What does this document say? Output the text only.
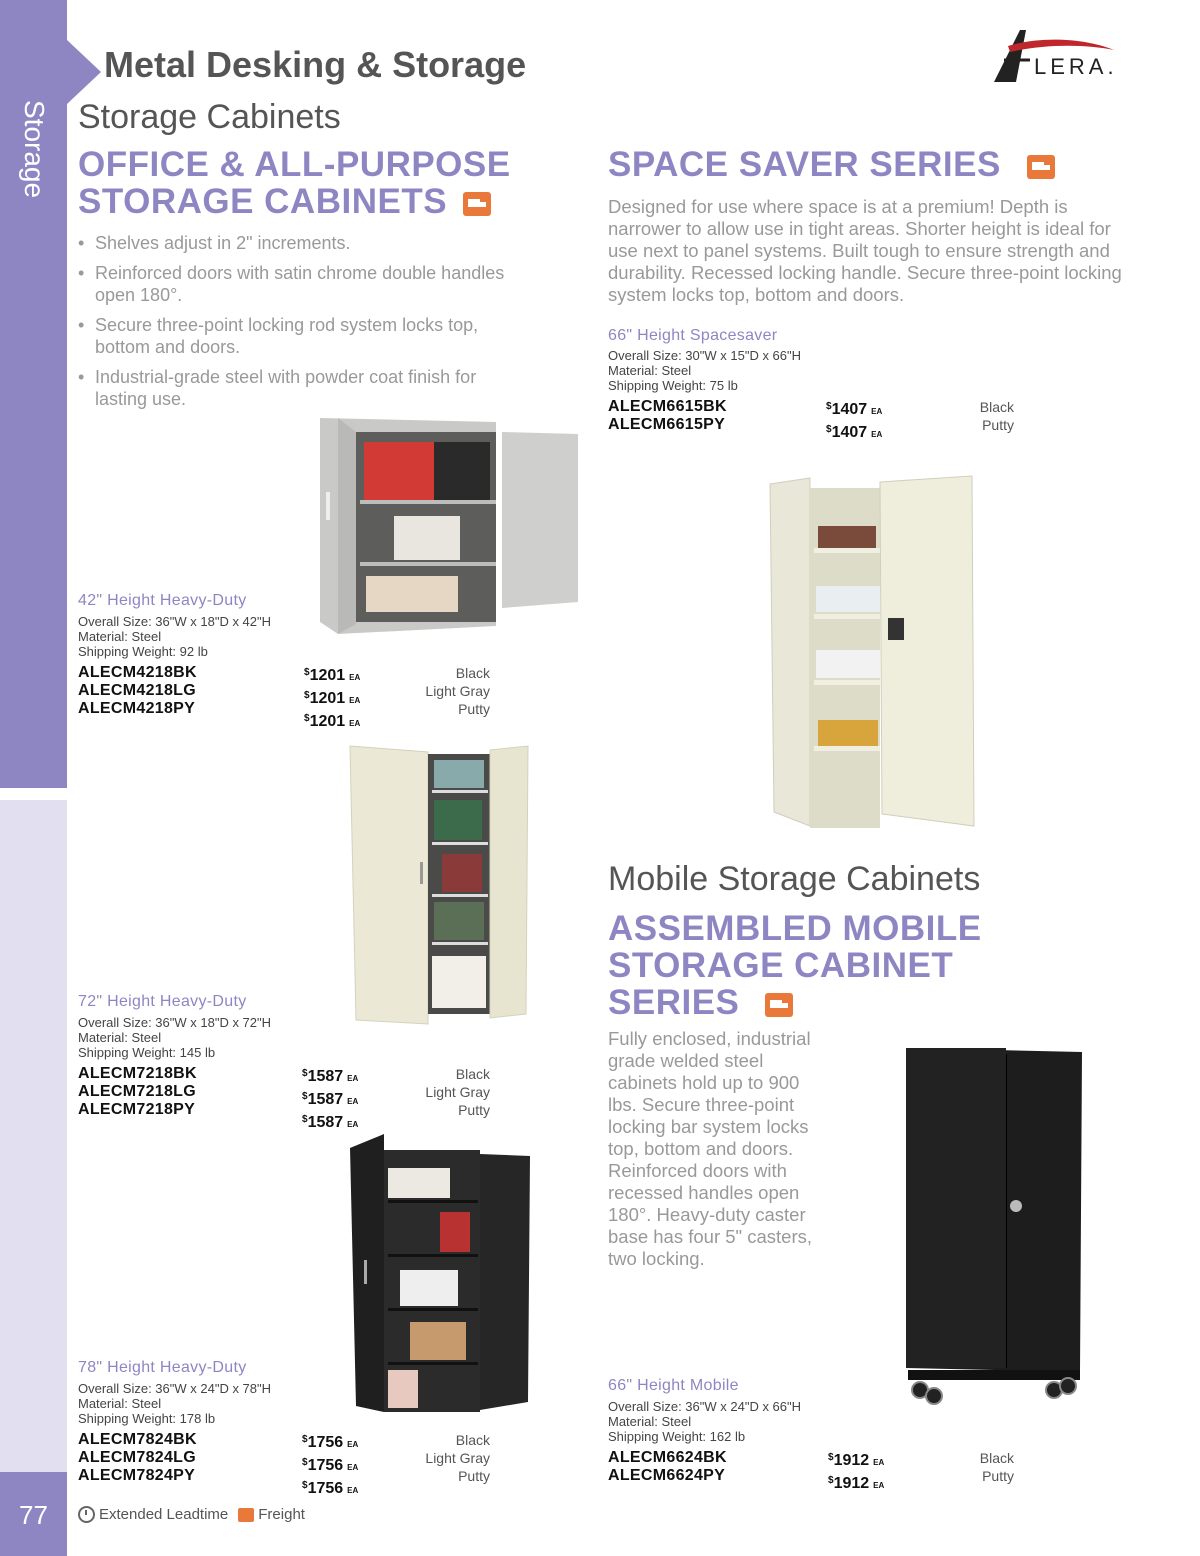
Storage
77
Metal Desking & Storage
Storage Cabinets
LERA.
OFFICE & ALL-PURPOSE
STORAGE CABINETS
• Shelves adjust in 2" increments.
• Reinforced doors with satin chrome double handles open 180°.
• Secure three-point locking rod system locks top, bottom and doors.
• Industrial-grade steel with powder coat finish for lasting use.
42" Height Heavy-Duty
Overall Size: 36"W x 18"D x 42"H
Material: Steel
Shipping Weight: 92 lb
ALECM4218BK
ALECM4218LG
ALECM4218PY
$1201 EA
$1201 EA
$1201 EA
Black
Light Gray
Putty
72" Height Heavy-Duty
Overall Size: 36"W x 18"D x 72"H
Material: Steel
Shipping Weight: 145 lb
ALECM7218BK
ALECM7218LG
ALECM7218PY
$1587 EA
$1587 EA
$1587 EA
Black
Light Gray
Putty
78" Height Heavy-Duty
Overall Size: 36"W x 24"D x 78"H
Material: Steel
Shipping Weight: 178 lb
ALECM7824BK
ALECM7824LG
ALECM7824PY
$1756 EA
$1756 EA
$1756 EA
Black
Light Gray
Putty
SPACE SAVER SERIES
Designed for use where space is at a premium! Depth is narrower to allow use in tight areas. Shorter height is ideal for use next to panel systems. Built tough to ensure strength and durability. Recessed locking handle. Secure three-point locking system locks top, bottom and doors.
66" Height Spacesaver
Overall Size: 30"W x 15"D x 66"H
Material: Steel
Shipping Weight: 75 lb
ALECM6615BK
ALECM6615PY
$1407 EA
$1407 EA
Black
Putty
Mobile Storage Cabinets
ASSEMBLED MOBILE
STORAGE CABINET
SERIES
Fully enclosed, industrial grade welded steel cabinets hold up to 900 lbs. Secure three-point locking bar system locks top, bottom and doors. Reinforced doors with recessed handles open 180°. Heavy-duty caster base has four 5" casters, two locking.
66" Height Mobile
Overall Size: 36"W x 24"D x 66"H
Material: Steel
Shipping Weight: 162 lb
ALECM6624BK
ALECM6624PY
$1912 EA
$1912 EA
Black
Putty
Extended Leadtime Freight
